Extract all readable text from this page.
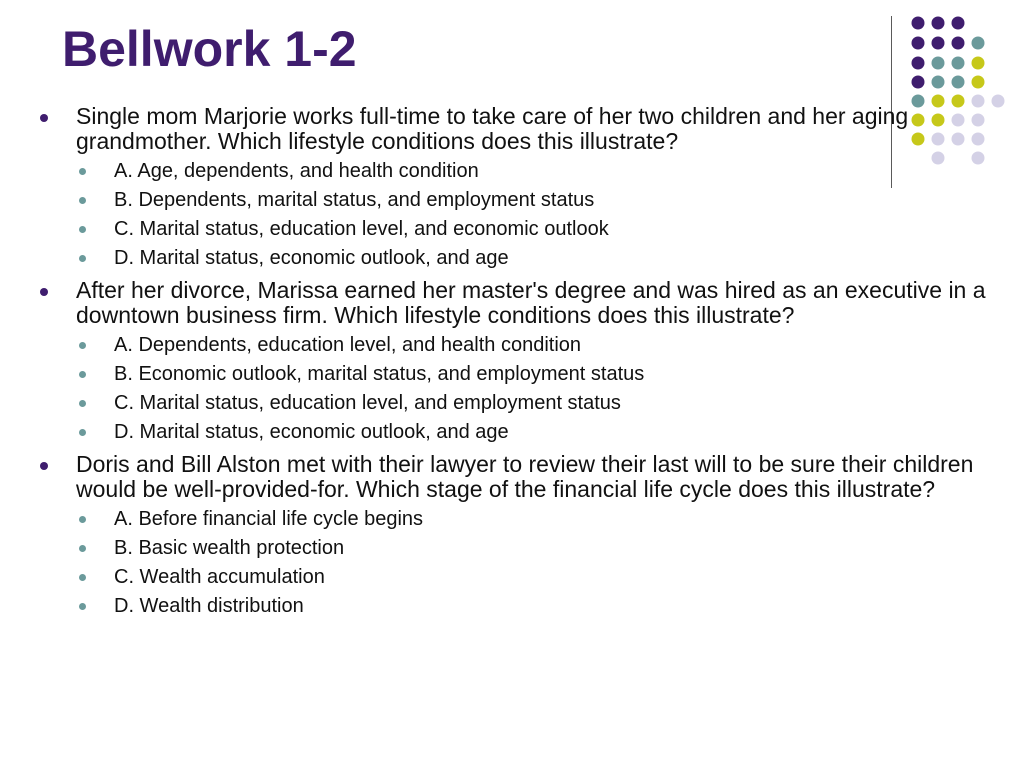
Bellwork 1-2

Single mom Marjorie works full-time to take care of her two children and her aging grandmother. Which lifestyle conditions does this illustrate?

A. Age, dependents, and health condition
B. Dependents, marital status, and employment status
C. Marital status, education level, and economic outlook
D. Marital status, economic outlook, and age

After her divorce, Marissa earned her master's degree and was hired as an executive in a downtown business firm. Which lifestyle conditions does this illustrate?

A. Dependents, education level, and health condition
B. Economic outlook, marital status, and employment status
C. Marital status, education level, and employment status
D. Marital status, economic outlook, and age

Doris and Bill Alston met with their lawyer to review their last will to be sure their children would be well-provided-for. Which stage of the financial life cycle does this illustrate?

A. Before financial life cycle begins
B. Basic wealth protection
C. Wealth accumulation
D. Wealth distribution
